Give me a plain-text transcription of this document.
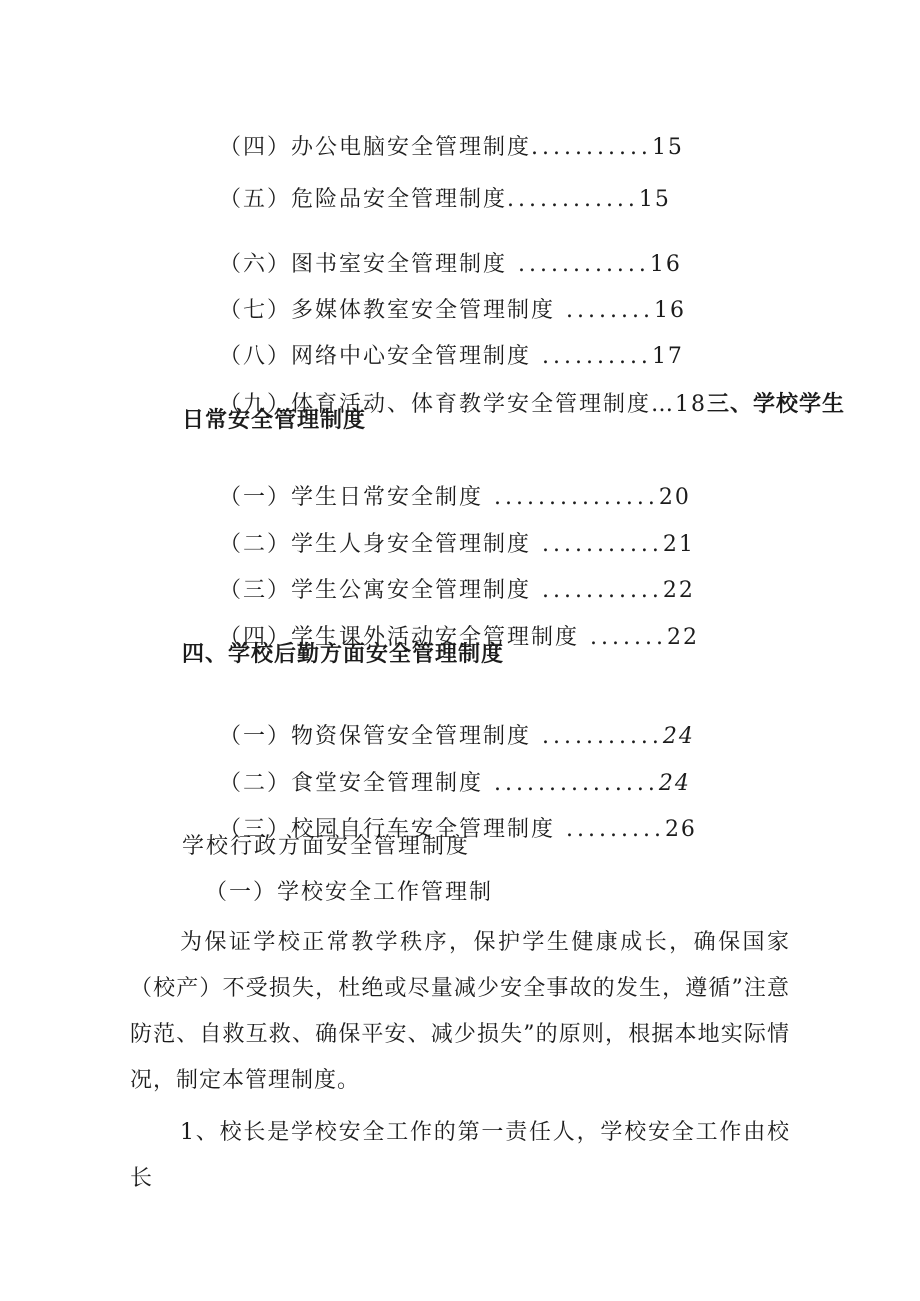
（四）办公电脑安全管理制度...........15

（五）危险品安全管理制度............15

（六）图书室安全管理制度 ............16

（七）多媒体教室安全管理制度 ........16

（八）网络中心安全管理制度 ..........17

（九）体育活动、体育教学安全管理制度…18三、学校学生

日常安全管理制度

（一）学生日常安全制度 ...............20

（二）学生人身安全管理制度 ...........21

（三）学生公寓安全管理制度 ...........22

（四）学生课外活动安全管理制度 .......22

四、学校后勤方面安全管理制度

（一）物资保管安全管理制度 ...........24

（二）食堂安全管理制度 ...............24

（三）校园自行车安全管理制度 .........26

学校行政方面安全管理制度
（一）学校安全工作管理制
为保证学校正常教学秩序，保护学生健康成长，确保国家（校产）不受损失，杜绝或尽量减少安全事故的发生，遵循”注意防范、自救互救、确保平安、减少损失”的原则，根据本地实际情况，制定本管理制度。
1、校长是学校安全工作的第一责任人，学校安全工作由校长
